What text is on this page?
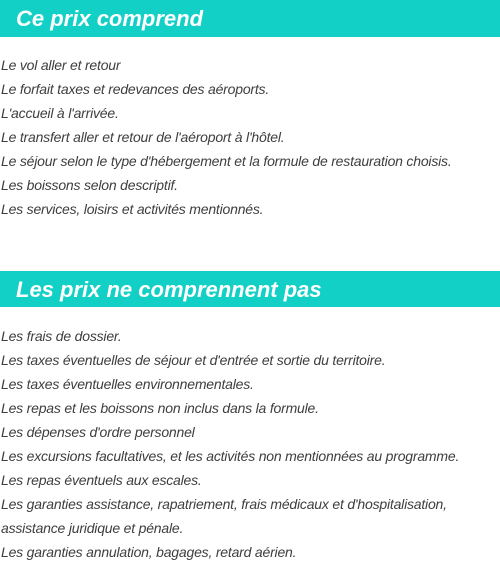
Ce prix comprend
Le vol aller et retour
Le forfait taxes et redevances des aéroports.
L'accueil à l'arrivée.
Le transfert aller et retour de l'aéroport à l'hôtel.
Le séjour selon le type d'hébergement et la formule de restauration choisis.
Les boissons selon descriptif.
Les services, loisirs et activités mentionnés.
Les prix ne comprennent pas
Les frais de dossier.
Les taxes éventuelles de séjour et d'entrée et sortie du territoire.
Les taxes éventuelles environnementales.
Les repas et les boissons non inclus dans la formule.
Les dépenses d'ordre personnel
Les excursions facultatives, et les activités non mentionnées au programme.
Les repas éventuels aux escales.
Les garanties assistance, rapatriement, frais médicaux et d'hospitalisation,
assistance juridique et pénale.
Les garanties annulation, bagages, retard aérien.
